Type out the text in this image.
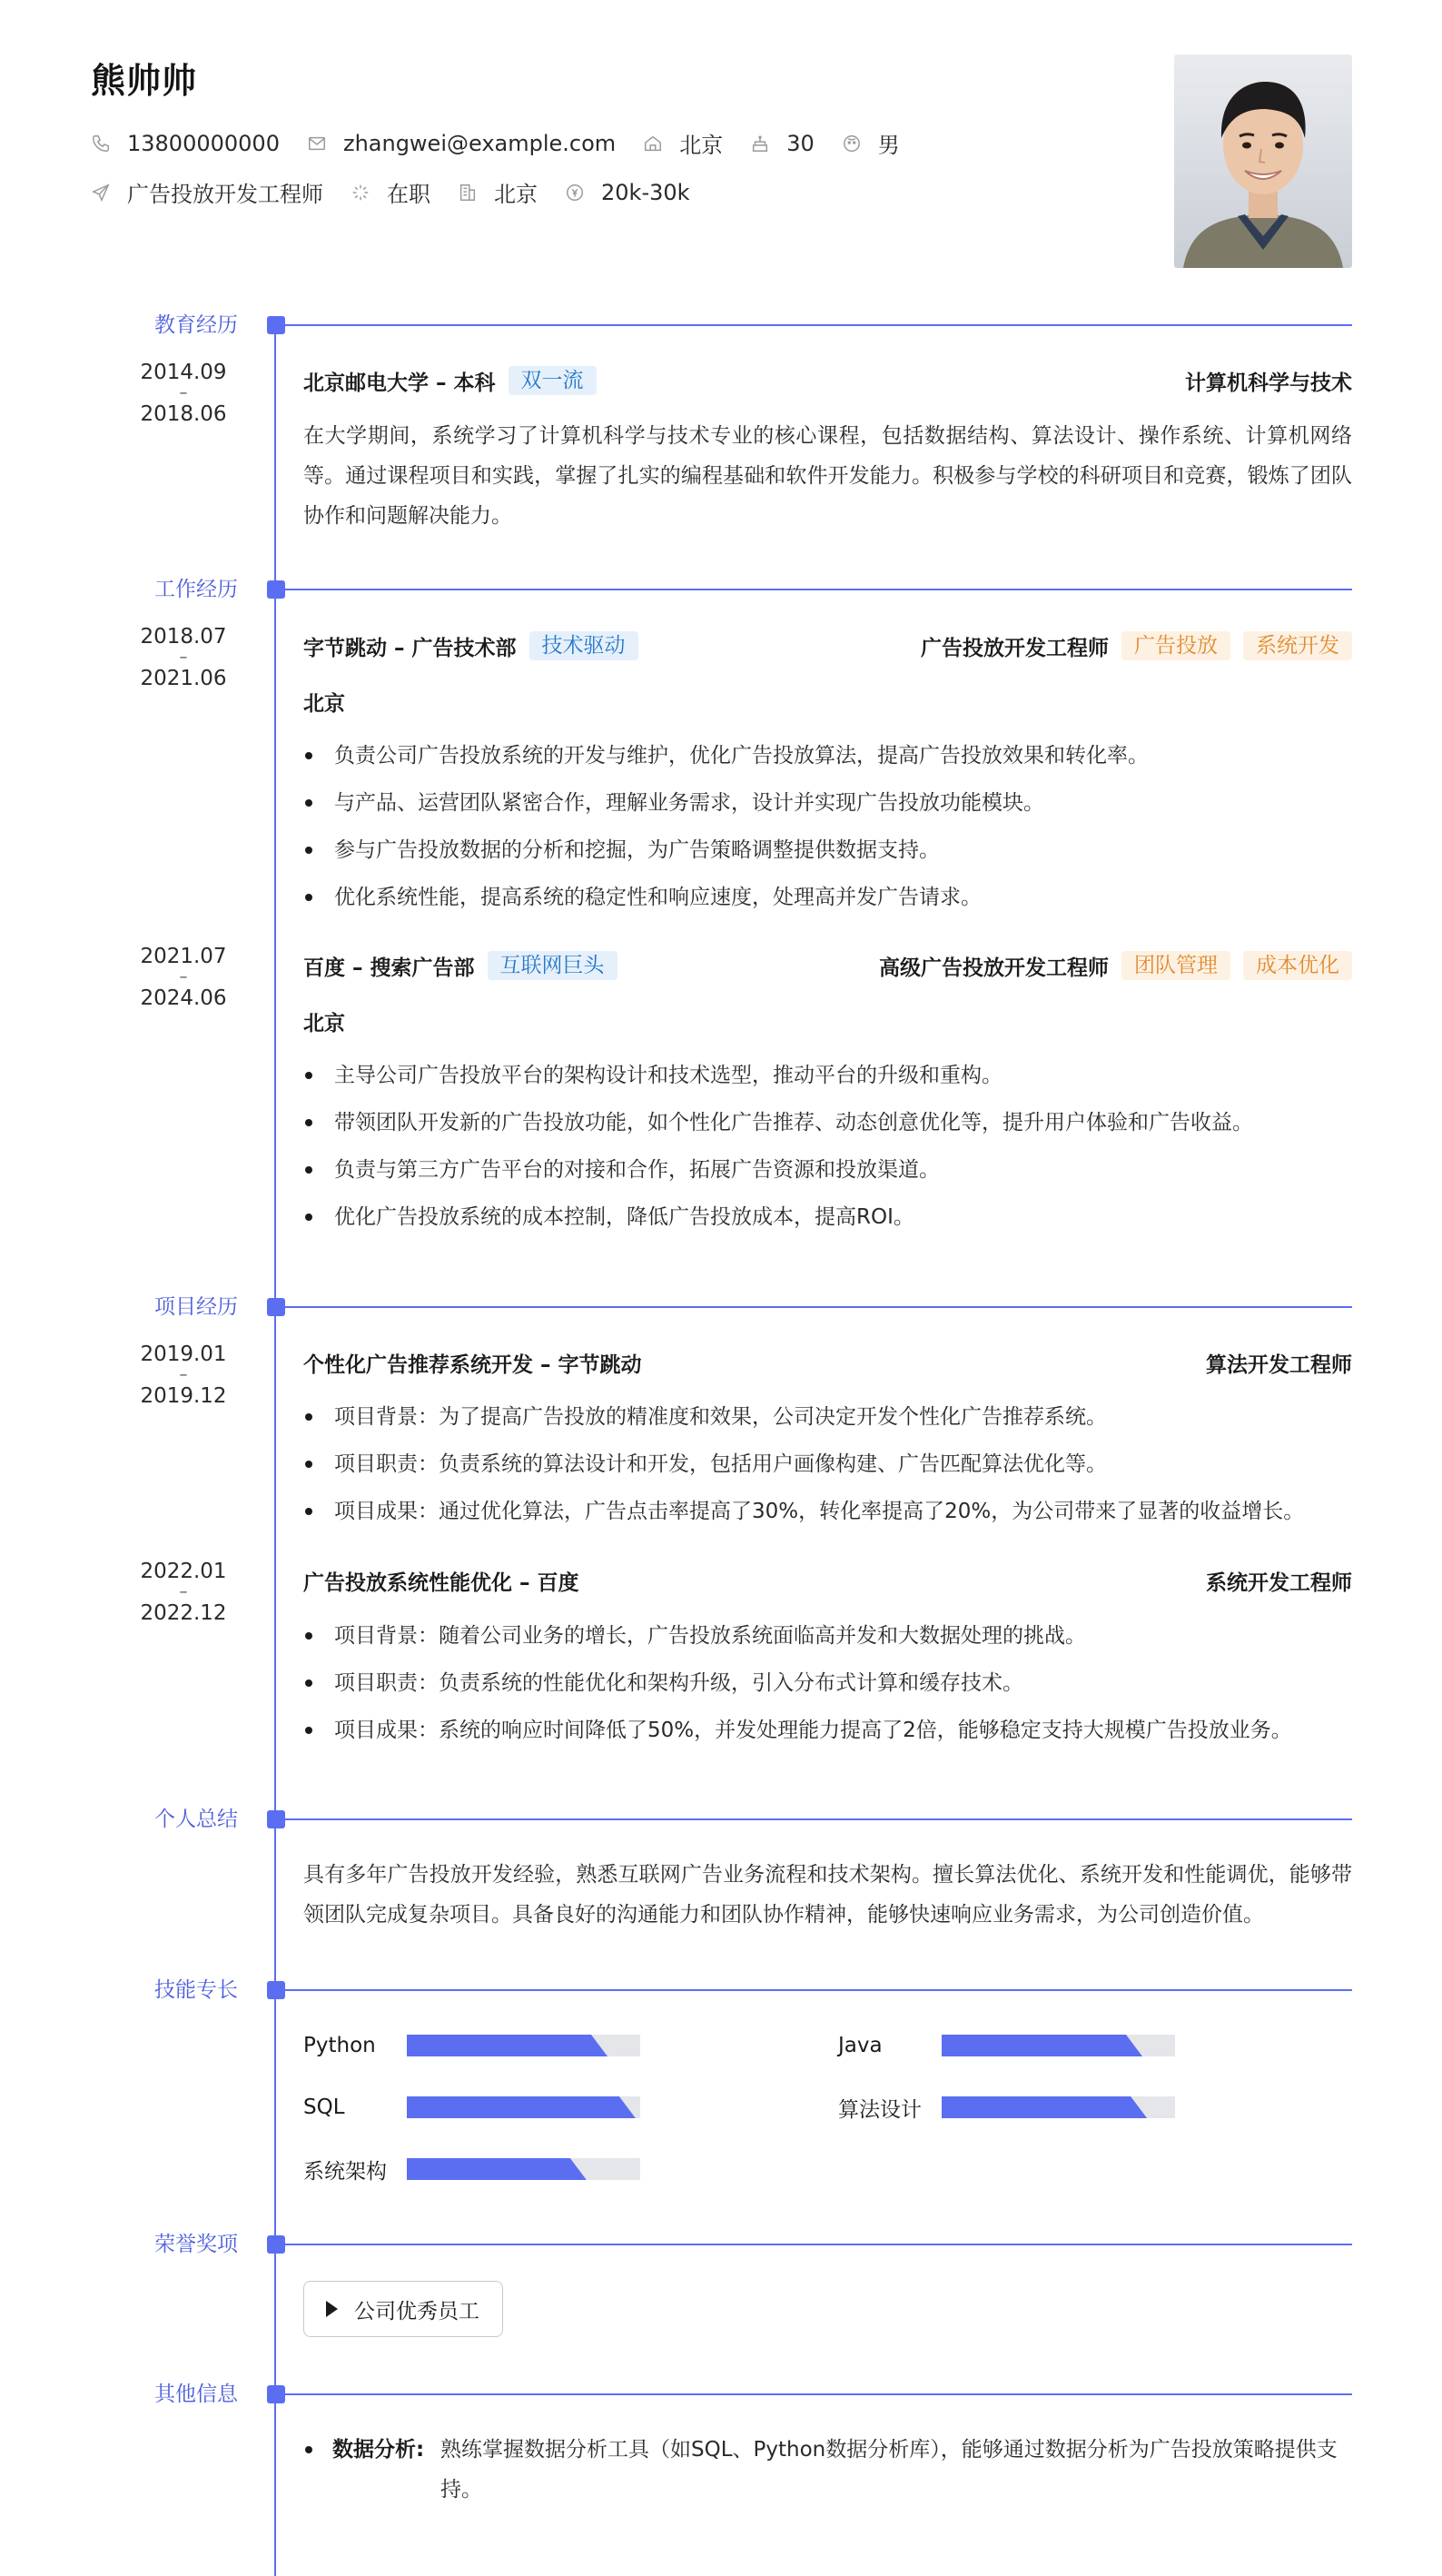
熊帅帅
13800000000	zhangwei@example.com	北京	30	男
广告投放开发工程师	在职	北京	20k-30k
教育经历
2014.09
–
2018.06
北京邮电大学 – 本科	双一流	计算机科学与技术
在大学期间，系统学习了计算机科学与技术专业的核心课程，包括数据结构、算法设计、操作系统、计算机网络等。通过课程项目和实践，掌握了扎实的编程基础和软件开发能力。积极参与学校的科研项目和竞赛，锻炼了团队协作和问题解决能力。
工作经历
2018.07
–
2021.06
字节跳动 – 广告技术部	技术驱动	广告投放开发工程师	广告投放	系统开发
北京
负责公司广告投放系统的开发与维护，优化广告投放算法，提高广告投放效果和转化率。
与产品、运营团队紧密合作，理解业务需求，设计并实现广告投放功能模块。
参与广告投放数据的分析和挖掘，为广告策略调整提供数据支持。
优化系统性能，提高系统的稳定性和响应速度，处理高并发广告请求。
2021.07
–
2024.06
百度 – 搜索广告部	互联网巨头	高级广告投放开发工程师	团队管理	成本优化
北京
主导公司广告投放平台的架构设计和技术选型，推动平台的升级和重构。
带领团队开发新的广告投放功能，如个性化广告推荐、动态创意优化等，提升用户体验和广告收益。
负责与第三方广告平台的对接和合作，拓展广告资源和投放渠道。
优化广告投放系统的成本控制，降低广告投放成本，提高ROI。
项目经历
2019.01
–
2019.12
个性化广告推荐系统开发 – 字节跳动	算法开发工程师
项目背景：为了提高广告投放的精准度和效果，公司决定开发个性化广告推荐系统。
项目职责：负责系统的算法设计和开发，包括用户画像构建、广告匹配算法优化等。
项目成果：通过优化算法，广告点击率提高了30%，转化率提高了20%，为公司带来了显著的收益增长。
2022.01
–
2022.12
广告投放系统性能优化 – 百度	系统开发工程师
项目背景：随着公司业务的增长，广告投放系统面临高并发和大数据处理的挑战。
项目职责：负责系统的性能优化和架构升级，引入分布式计算和缓存技术。
项目成果：系统的响应时间降低了50%，并发处理能力提高了2倍，能够稳定支持大规模广告投放业务。
个人总结
具有多年广告投放开发经验，熟悉互联网广告业务流程和技术架构。擅长算法优化、系统开发和性能调优，能够带领团队完成复杂项目。具备良好的沟通能力和团队协作精神，能够快速响应业务需求，为公司创造价值。
技能专长
Python	Java
SQL	算法设计
系统架构
荣誉奖项
公司优秀员工
其他信息
数据分析: 熟练掌握数据分析工具（如SQL、Python数据分析库），能够通过数据分析为广告投放策略提供支持。
